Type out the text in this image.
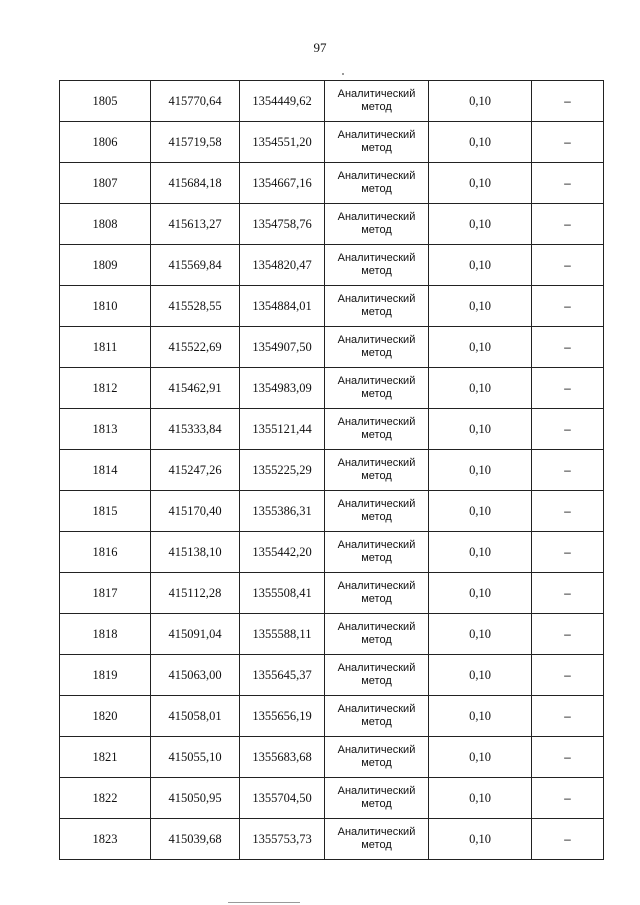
97
1805	415770,64	1354449,62	Аналитический метод	0,10	–
1806	415719,58	1354551,20	Аналитический метод	0,10	–
1807	415684,18	1354667,16	Аналитический метод	0,10	–
1808	415613,27	1354758,76	Аналитический метод	0,10	–
1809	415569,84	1354820,47	Аналитический метод	0,10	–
1810	415528,55	1354884,01	Аналитический метод	0,10	–
1811	415522,69	1354907,50	Аналитический метод	0,10	–
1812	415462,91	1354983,09	Аналитический метод	0,10	–
1813	415333,84	1355121,44	Аналитический метод	0,10	–
1814	415247,26	1355225,29	Аналитический метод	0,10	–
1815	415170,40	1355386,31	Аналитический метод	0,10	–
1816	415138,10	1355442,20	Аналитический метод	0,10	–
1817	415112,28	1355508,41	Аналитический метод	0,10	–
1818	415091,04	1355588,11	Аналитический метод	0,10	–
1819	415063,00	1355645,37	Аналитический метод	0,10	–
1820	415058,01	1355656,19	Аналитический метод	0,10	–
1821	415055,10	1355683,68	Аналитический метод	0,10	–
1822	415050,95	1355704,50	Аналитический метод	0,10	–
1823	415039,68	1355753,73	Аналитический метод	0,10	–
